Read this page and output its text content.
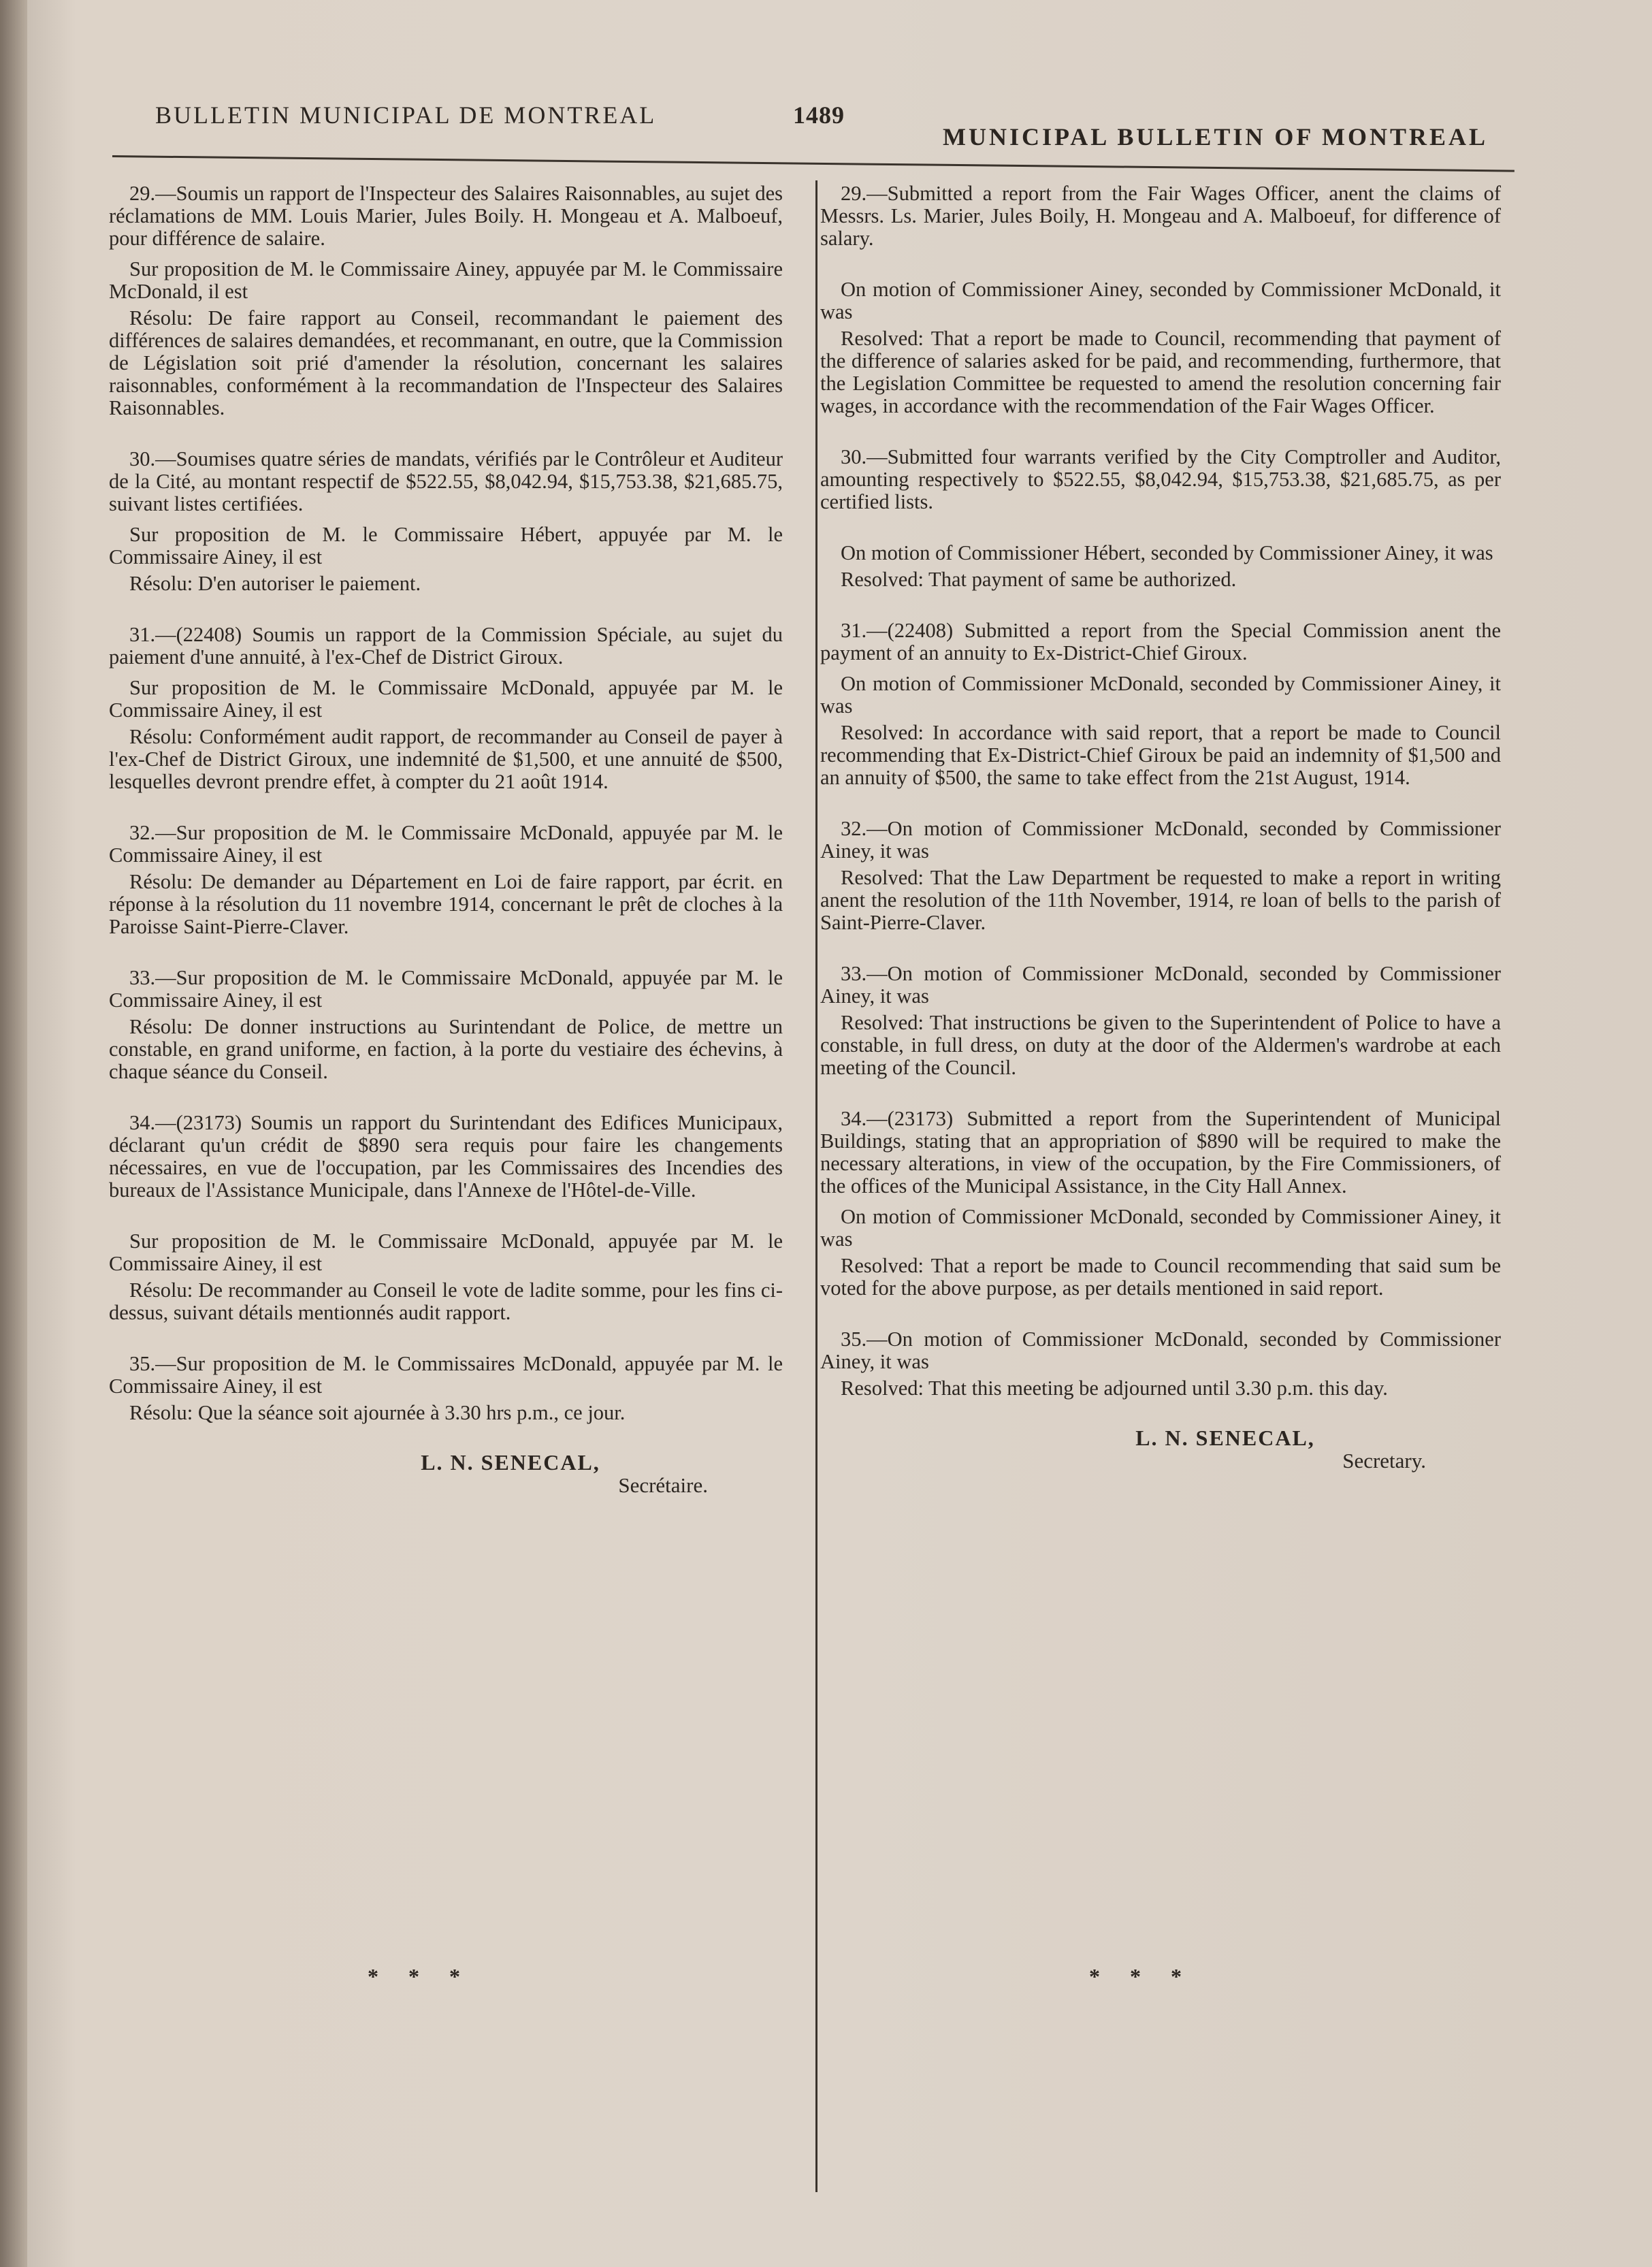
BULLETIN MUNICIPAL DE MONTREAL	1489
MUNICIPAL BULLETIN OF MONTREAL

29.—Soumis un rapport de l'Inspecteur des Salaires Raisonnables, au sujet des réclamations de MM. Louis Marier, Jules Boily. H. Mongeau et A. Malboeuf, pour différence de salaire.

Sur proposition de M. le Commissaire Ainey, appuyée par M. le Commissaire McDonald, il est

Résolu: De faire rapport au Conseil, recommandant le paiement des différences de salaires demandées, et recommanant, en outre, que la Commission de Législation soit prié d'amender la résolution, concernant les salaires raisonnables, conformément à la recommandation de l'Inspecteur des Salaires Raisonnables.

30.—Soumises quatre séries de mandats, vérifiés par le Contrôleur et Auditeur de la Cité, au montant respectif de $522.55, $8,042.94, $15,753.38, $21,685.75, suivant listes certifiées.

Sur proposition de M. le Commissaire Hébert, appuyée par M. le Commissaire Ainey, il est

Résolu: D'en autoriser le paiement.

31.—(22408) Soumis un rapport de la Commission Spéciale, au sujet du paiement d'une annuité, à l'ex-Chef de District Giroux.

Sur proposition de M. le Commissaire McDonald, appuyée par M. le Commissaire Ainey, il est

Résolu: Conformément audit rapport, de recommander au Conseil de payer à l'ex-Chef de District Giroux, une indemnité de $1,500, et une annuité de $500, lesquelles devront prendre effet, à compter du 21 août 1914.

32.—Sur proposition de M. le Commissaire McDonald, appuyée par M. le Commissaire Ainey, il est

Résolu: De demander au Département en Loi de faire rapport, par écrit. en réponse à la résolution du 11 novembre 1914, concernant le prêt de cloches à la Paroisse Saint-Pierre-Claver.

33.—Sur proposition de M. le Commissaire McDonald, appuyée par M. le Commissaire Ainey, il est

Résolu: De donner instructions au Surintendant de Police, de mettre un constable, en grand uniforme, en faction, à la porte du vestiaire des échevins, à chaque séance du Conseil.

34.—(23173) Soumis un rapport du Surintendant des Edifices Municipaux, déclarant qu'un crédit de $890 sera requis pour faire les changements nécessaires, en vue de l'occupation, par les Commissaires des Incendies des bureaux de l'Assistance Municipale, dans l'Annexe de l'Hôtel-de-Ville.

Sur proposition de M. le Commissaire McDonald, appuyée par M. le Commissaire Ainey, il est

Résolu: De recommander au Conseil le vote de ladite somme, pour les fins ci-dessus, suivant détails mentionnés audit rapport.

35.—Sur proposition de M. le Commissaires McDonald, appuyée par M. le Commissaire Ainey, il est

Résolu: Que la séance soit ajournée à 3.30 hrs p.m., ce jour.

L. N. SENECAL,
Secrétaire.

29.—Submitted a report from the Fair Wages Officer, anent the claims of Messrs. Ls. Marier, Jules Boily, H. Mongeau and A. Malboeuf, for difference of salary.

On motion of Commissioner Ainey, seconded by Commissioner McDonald, it was

Resolved: That a report be made to Council, recommending that payment of the difference of salaries asked for be paid, and recommending, furthermore, that the Legislation Committee be requested to amend the resolution concerning fair wages, in accordance with the recommendation of the Fair Wages Officer.

30.—Submitted four warrants verified by the City Comptroller and Auditor, amounting respectively to $522.55, $8,042.94, $15,753.38, $21,685.75, as per certified lists.

On motion of Commissioner Hébert, seconded by Commissioner Ainey, it was

Resolved: That payment of same be authorized.

31.—(22408) Submitted a report from the Special Commission anent the payment of an annuity to Ex-District-Chief Giroux.

On motion of Commissioner McDonald, seconded by Commissioner Ainey, it was

Resolved: In accordance with said report, that a report be made to Council recommending that Ex-District-Chief Giroux be paid an indemnity of $1,500 and an annuity of $500, the same to take effect from the 21st August, 1914.

32.—On motion of Commissioner McDonald, seconded by Commissioner Ainey, it was

Resolved: That the Law Department be requested to make a report in writing anent the resolution of the 11th November, 1914, re loan of bells to the parish of Saint-Pierre-Claver.

33.—On motion of Commissioner McDonald, seconded by Commissioner Ainey, it was

Resolved: That instructions be given to the Superintendent of Police to have a constable, in full dress, on duty at the door of the Aldermen's wardrobe at each meeting of the Council.

34.—(23173) Submitted a report from the Superintendent of Municipal Buildings, stating that an appropriation of $890 will be required to make the necessary alterations, in view of the occupation, by the Fire Commissioners, of the offices of the Municipal Assistance, in the City Hall Annex.

On motion of Commissioner McDonald, seconded by Commissioner Ainey, it was

Resolved: That a report be made to Council recommending that said sum be voted for the above purpose, as per details mentioned in said report.

35.—On motion of Commissioner McDonald, seconded by Commissioner Ainey, it was

Resolved: That this meeting be adjourned until 3.30 p.m. this day.

L. N. SENECAL,
Secretary.
* * *	* * *
